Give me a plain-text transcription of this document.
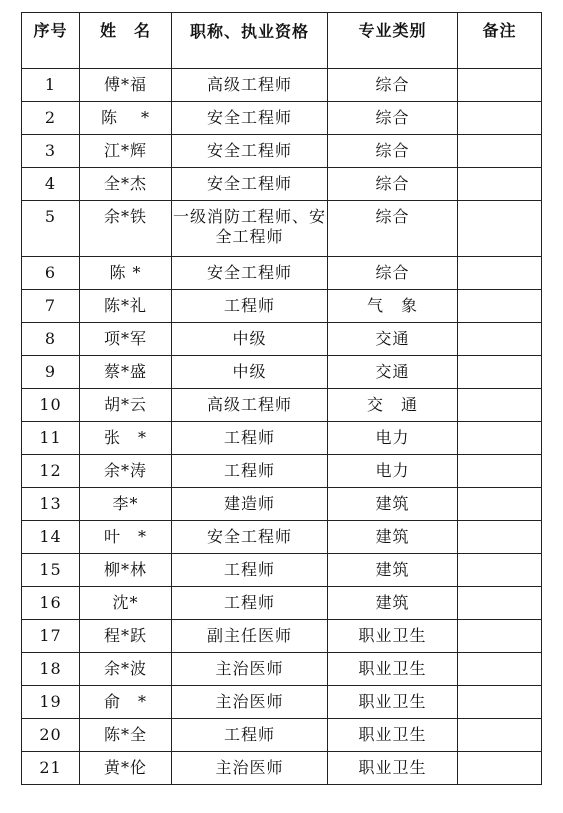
序号	姓　名	职称、执业资格	专业类别	备注
1	傅*福	高级工程师	综合	
2	陈　 *	安全工程师	综合	
3	江*辉	安全工程师	综合	
4	全*杰	安全工程师	综合	
5	余*铁	一级消防工程师、安全工程师	综合	
6	陈 *	安全工程师	综合	
7	陈*礼	工程师	气　象	
8	项*军	中级	交通	
9	蔡*盛	中级	交通	
10	胡*云	高级工程师	交　通	
11	张　*	工程师	电力	
12	余*涛	工程师	电力	
13	李*	建造师	建筑	
14	叶　*	安全工程师	建筑	
15	柳*林	工程师	建筑	
16	沈*	工程师	建筑	
17	程*跃	副主任医师	职业卫生	
18	余*波	主治医师	职业卫生	
19	俞　*	主治医师	职业卫生	
20	陈*全	工程师	职业卫生	
21	黄*伦	主治医师	职业卫生	
